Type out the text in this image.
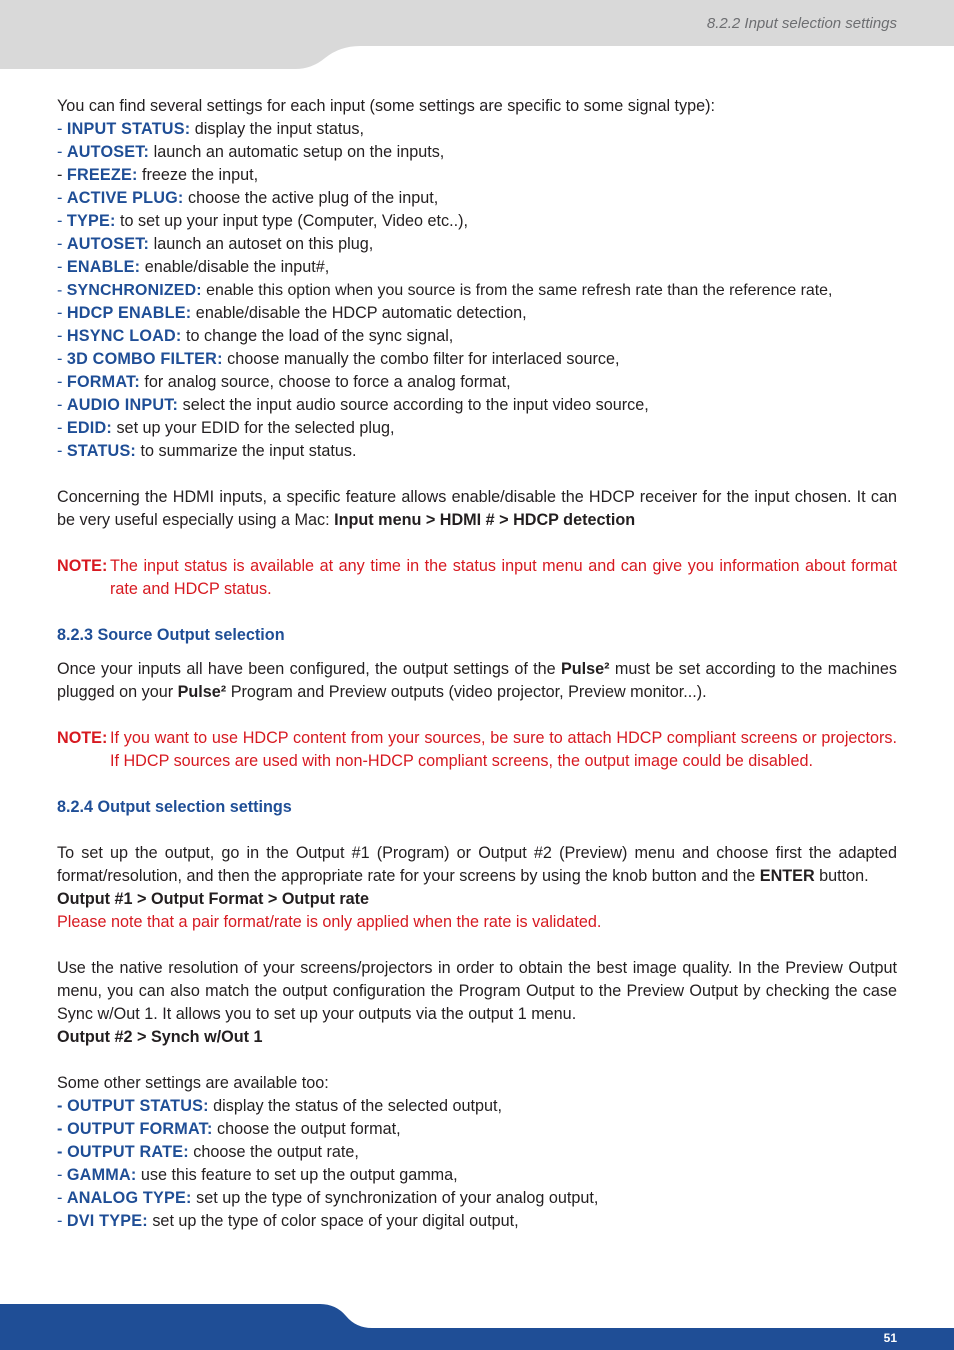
8.2.2 Input selection settings
You can find several settings for each input (some settings are specific to some signal type):
- INPUT STATUS: display the input status,
- AUTOSET: launch an automatic setup on the inputs,
- FREEZE: freeze the input,
- ACTIVE PLUG: choose the active plug of the input,
- TYPE: to set up your input type (Computer, Video etc..),
- AUTOSET: launch an autoset on this plug,
- ENABLE: enable/disable the input#,
- SYNCHRONIZED: enable this option when you source is from the same refresh rate than the reference rate,
- HDCP ENABLE: enable/disable the HDCP automatic detection,
- HSYNC LOAD: to change the load of the sync signal,
- 3D COMBO FILTER: choose manually the combo filter for interlaced source,
- FORMAT: for analog source, choose to force a analog format,
- AUDIO INPUT: select the input audio source according to the input video source,
- EDID: set up your EDID for the selected plug,
- STATUS: to summarize the input status.
Concerning the HDMI inputs, a specific feature allows enable/disable the HDCP receiver for the input chosen. It can be very useful especially using a Mac: Input menu > HDMI # > HDCP detection
NOTE: The input status is available at any time in the status input menu and can give you information about format rate and HDCP status.
8.2.3 Source Output selection
Once your inputs all have been configured, the output settings of the Pulse² must be set according to the machines plugged on your Pulse² Program and Preview outputs (video projector, Preview monitor...).
NOTE: If you want to use HDCP content from your sources, be sure to attach HDCP compliant screens or projectors. If HDCP sources are used with non-HDCP compliant screens, the output image could be disabled.
8.2.4 Output selection settings
To set up the output, go in the Output #1 (Program) or Output #2 (Preview) menu and choose first the adapted format/resolution, and then the appropriate rate for your screens by using the knob button and the ENTER button.
Output #1 > Output Format > Output rate
Please note that a pair format/rate is only applied when the rate is validated.
Use the native resolution of your screens/projectors in order to obtain the best image quality. In the Preview Output menu, you can also match the output configuration the Program Output to the Preview Output by checking the case Sync w/Out 1. It allows you to set up your outputs via the output 1 menu.
Output #2 > Synch w/Out 1
Some other settings are available too:
- OUTPUT STATUS: display the status of the selected output,
- OUTPUT FORMAT: choose the output format,
- OUTPUT RATE: choose the output rate,
- GAMMA: use this feature to set up the output gamma,
- ANALOG TYPE: set up the type of synchronization of your analog output,
- DVI TYPE: set up the type of color space of your digital output,
51
